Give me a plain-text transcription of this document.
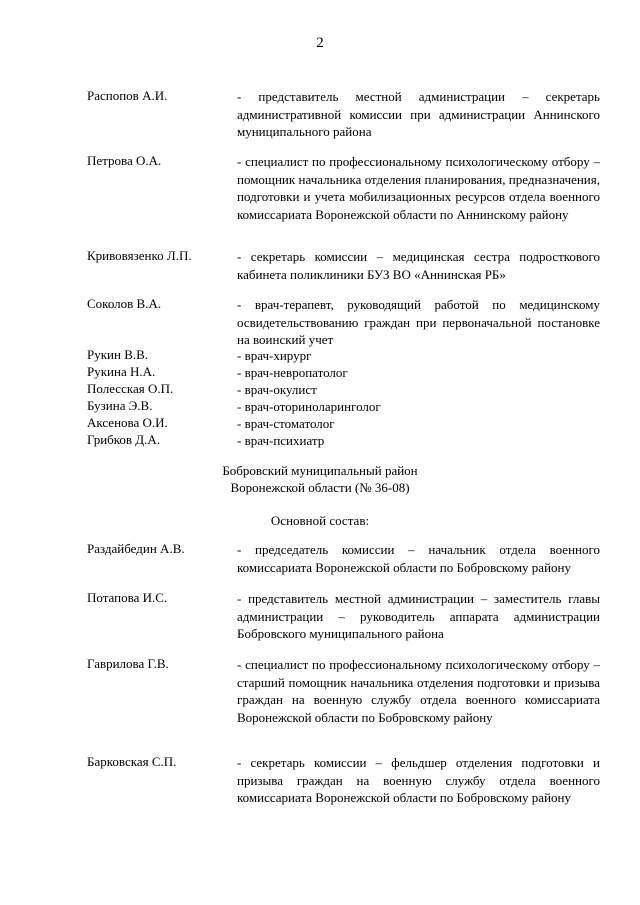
2
Распопов А.И.	- представитель местной администрации – секретарь административной комиссии при администрации Аннинского муниципального района
Петрова О.А.	- специалист по профессиональному психологическому отбору – помощник начальника отделения планирования, предназначения, подготовки и учета мобилизационных ресурсов отдела военного комиссариата Воронежской области по Аннинскому району
Кривовязенко Л.П.	- секретарь комиссии – медицинская сестра подросткового кабинета поликлиники БУЗ ВО «Аннинская РБ»
Соколов В.А.	- врач-терапевт, руководящий работой по медицинскому освидетельствованию граждан при первоначальной постановке на воинский учет
Рукин В.В.	- врач-хирург
Рукина Н.А.	- врач-невропатолог
Полесская О.П.	- врач-окулист
Бузина Э.В.	- врач-оториноларинголог
Аксенова О.И.	- врач-стоматолог
Грибков Д.А.	- врач-психиатр
Бобровский муниципальный район
Воронежской области (№ 36-08)
Основной состав:
Раздайбедин А.В.	- председатель комиссии – начальник отдела военного комиссариата Воронежской области по Бобровскому району
Потапова И.С.	- представитель местной администрации – заместитель главы администрации – руководитель аппарата администрации Бобровского муниципального района
Гаврилова Г.В.	- специалист по профессиональному психологическому отбору – старший помощник начальника отделения подготовки и призыва граждан на военную службу отдела военного комиссариата Воронежской области по Бобровскому району
Барковская С.П.	- секретарь комиссии – фельдшер отделения подготовки и призыва граждан на военную службу отдела военного комиссариата Воронежской области по Бобровскому району
